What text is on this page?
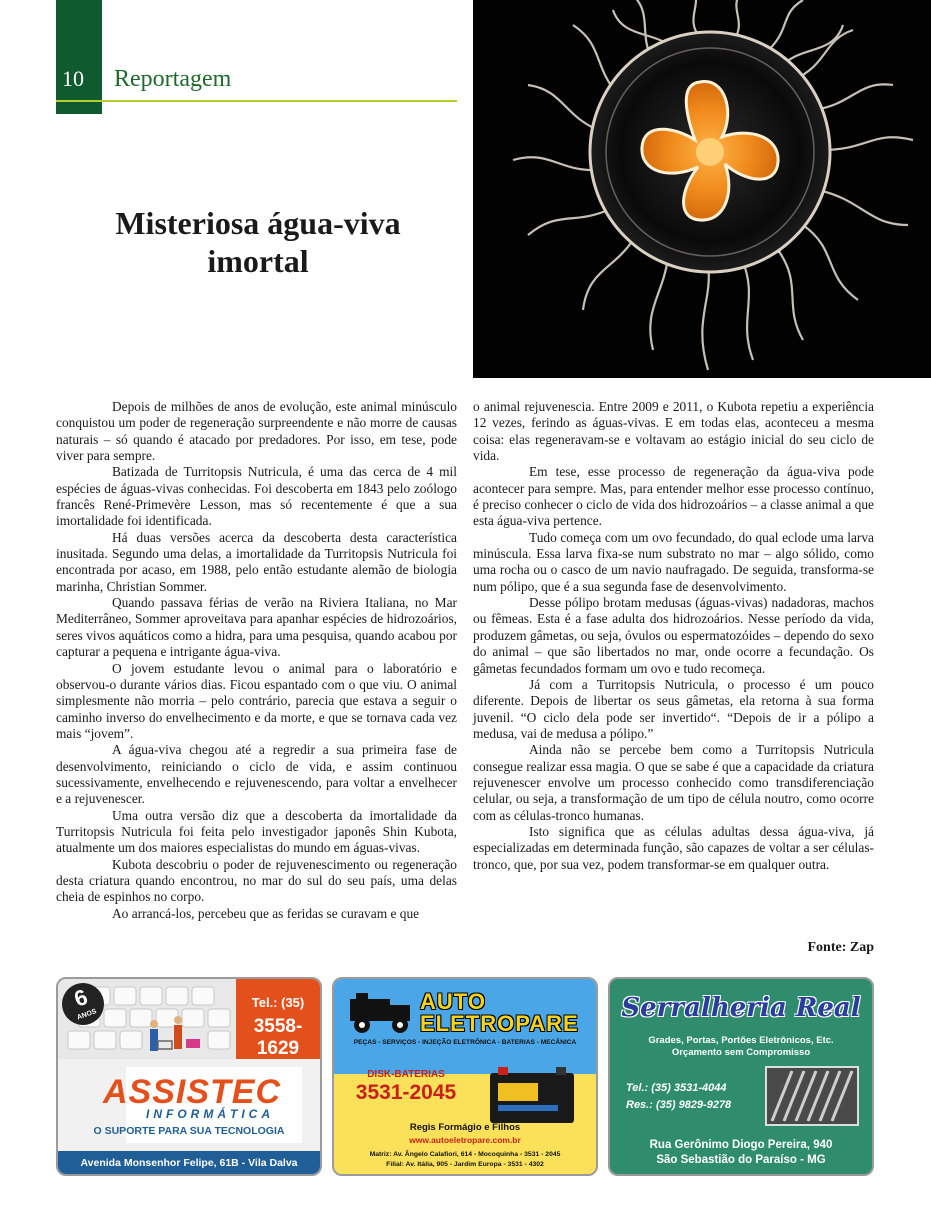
10 Reportagem
Misteriosa água-viva
imortal

Depois de milhões de anos de evolução, este animal minúsculo conquistou um poder de regeneração surpreendente e não morre de causas naturais – só quando é atacado por predadores. Por isso, em tese, pode viver para sempre.

Batizada de Turritopsis Nutricula, é uma das cerca de 4 mil espécies de águas-vivas conhecidas. Foi descoberta em 1843 pelo zoólogo francês René-Primevère Lesson, mas só recentemente é que a sua imortalidade foi identificada.

Há duas versões acerca da descoberta desta característica inusitada. Segundo uma delas, a imortalidade da Turritopsis Nutricula foi encontrada por acaso, em 1988, pelo então estudante alemão de biologia marinha, Christian Sommer.

Quando passava férias de verão na Riviera Italiana, no Mar Mediterrâneo, Sommer aproveitava para apanhar espécies de hidrozoários, seres vivos aquáticos como a hidra, para uma pesquisa, quando acabou por capturar a pequena e intrigante água-viva.

O jovem estudante levou o animal para o laboratório e observou-o durante vários dias. Ficou espantado com o que viu. O animal simplesmente não morria – pelo contrário, parecia que estava a seguir o caminho inverso do envelhecimento e da morte, e que se tornava cada vez mais “jovem”.

A água-viva chegou até a regredir a sua primeira fase de desenvolvimento, reiniciando o ciclo de vida, e assim continuou sucessivamente, envelhecendo e rejuvenescendo, para voltar a envelhecer e a rejuvenescer.

Uma outra versão diz que a descoberta da imortalidade da Turritopsis Nutricula foi feita pelo investigador japonês Shin Kubota, atualmente um dos maiores especialistas do mundo em águas-vivas.

Kubota descobriu o poder de rejuvenescimento ou regeneração desta criatura quando encontrou, no mar do sul do seu país, uma delas cheia de espinhos no corpo.

Ao arrancá-los, percebeu que as feridas se curavam e que

o animal rejuvenescia. Entre 2009 e 2011, o Kubota repetiu a experiência 12 vezes, ferindo as águas-vivas. E em todas elas, aconteceu a mesma coisa: elas regeneravam-se e voltavam ao estágio inicial do seu ciclo de vida.

Em tese, esse processo de regeneração da água-viva pode acontecer para sempre. Mas, para entender melhor esse processo contínuo, é preciso conhecer o ciclo de vida dos hidrozoários – a classe animal a que esta água-viva pertence.

Tudo começa com um ovo fecundado, do qual eclode uma larva minúscula. Essa larva fixa-se num substrato no mar – algo sólido, como uma rocha ou o casco de um navio naufragado. De seguida, transforma-se num pólipo, que é a sua segunda fase de desenvolvimento.

Desse pólipo brotam medusas (águas-vivas) nadadoras, machos ou fêmeas. Esta é a fase adulta dos hidrozoários. Nesse período da vida, produzem gâmetas, ou seja, óvulos ou espermatozóides – dependo do sexo do animal – que são libertados no mar, onde ocorre a fecundação. Os gâmetas fecundados formam um ovo e tudo recomeça.

Já com a Turritopsis Nutricula, o processo é um pouco diferente. Depois de libertar os seus gâmetas, ela retorna à sua forma juvenil. “O ciclo dela pode ser invertido“. “Depois de ir a pólipo a medusa, vai de medusa a pólipo.”

Ainda não se percebe bem como a Turritopsis Nutricula consegue realizar essa magia. O que se sabe é que a capacidade da criatura rejuvenescer envolve um processo conhecido como transdiferenciação celular, ou seja, a transformação de um tipo de célula noutro, como ocorre com as células-tronco humanas.

Isto significa que as células adultas dessa água-viva, já especializadas em determinada função, são capazes de voltar a ser células-tronco, que, por sua vez, podem transformar-se em qualquer outra.

Fonte: Zap
6
ANOS
Tel.: (35)
3558-1629
ASSISTEC
INFORMÁTICA
O SUPORTE PARA SUA TECNOLOGIA
Avenida Monsenhor Felipe, 61B - Vila Dalva
AUTO
ELETROPARE
PEÇAS - SERVIÇOS - INJEÇÃO ELETRÔNICA - BATERIAS - MECÂNICA
DISK-BATERIAS
3531-2045
Regis Formágio e Filhos
www.autoeletropare.com.br
Matriz: Av. Ângelo Calafiori, 614 - Mocoquinha - 3531 - 2045
Filial: Av. Itália, 905 - Jardim Europa - 3531 - 4302
Serralheria Real
Grades, Portas, Portões Eletrônicos, Etc.
Orçamento sem Compromisso
Tel.: (35) 3531-4044
Res.: (35) 9829-9278
Rua Gerônimo Diogo Pereira, 940
São Sebastião do Paraíso - MG
